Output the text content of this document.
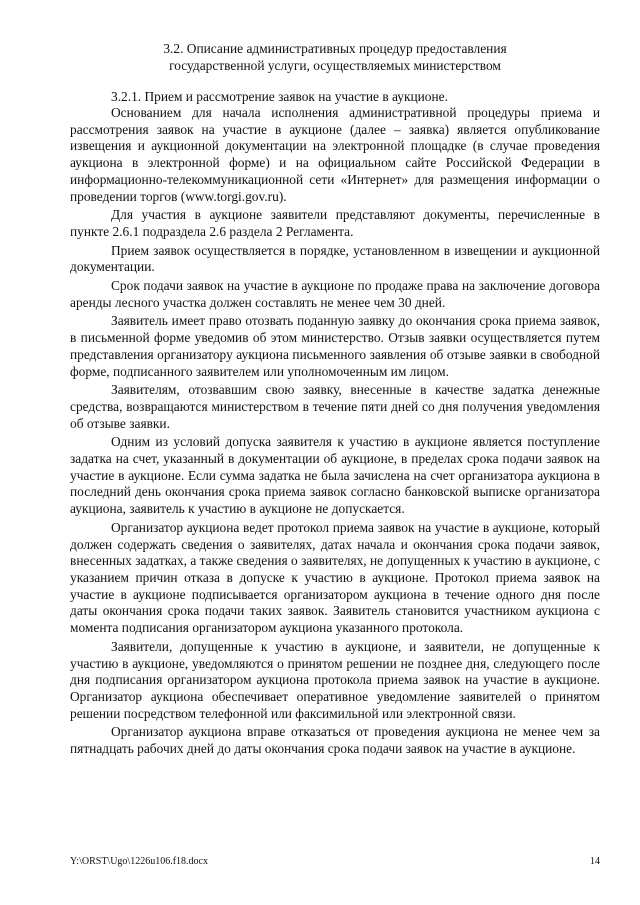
3.2. Описание административных процедур предоставления
государственной услуги, осуществляемых министерством
3.2.1. Прием и рассмотрение заявок на участие в аукционе.

Основанием для начала исполнения административной процедуры приема и рассмотрения заявок на участие в аукционе (далее – заявка) является опубликование извещения и аукционной документации на электронной площадке (в случае проведения аукциона в электронной форме) и на официальном сайте Российской Федерации в информационно-телекоммуникационной сети «Интернет» для размещения информации о проведении торгов (www.torgi.gov.ru).

Для участия в аукционе заявители представляют документы, перечисленные в пункте 2.6.1 подраздела 2.6 раздела 2 Регламента.

Прием заявок осуществляется в порядке, установленном в извещении и аукционной документации.

Срок подачи заявок на участие в аукционе по продаже права на заключение договора аренды лесного участка должен составлять не менее чем 30 дней.

Заявитель имеет право отозвать поданную заявку до окончания срока приема заявок, в письменной форме уведомив об этом министерство. Отзыв заявки осуществляется путем представления организатору аукциона письменного заявления об отзыве заявки в свободной форме, подписанного заявителем или уполномоченным им лицом.

Заявителям, отозвавшим свою заявку, внесенные в качестве задатка денежные средства, возвращаются министерством в течение пяти дней со дня получения уведомления об отзыве заявки.

Одним из условий допуска заявителя к участию в аукционе является поступление задатка на счет, указанный в документации об аукционе, в пределах срока подачи заявок на участие в аукционе. Если сумма задатка не была зачислена на счет организатора аукциона в последний день окончания срока приема заявок согласно банковской выписке организатора аукциона, заявитель к участию в аукционе не допускается.

Организатор аукциона ведет протокол приема заявок на участие в аукционе, который должен содержать сведения о заявителях, датах начала и окончания срока подачи заявок, внесенных задатках, а также сведения о заявителях, не допущенных к участию в аукционе, с указанием причин отказа в допуске к участию в аукционе. Протокол приема заявок на участие в аукционе подписывается организатором аукциона в течение одного дня после даты окончания срока подачи таких заявок. Заявитель становится участником аукциона с момента подписания организатором аукциона указанного протокола.

Заявители, допущенные к участию в аукционе, и заявители, не допущенные к участию в аукционе, уведомляются о принятом решении не позднее дня, следующего после дня подписания организатором аукциона протокола приема заявок на участие в аукционе. Организатор аукциона обеспечивает оперативное уведомление заявителей о принятом решении посредством телефонной или факсимильной или электронной связи.

Организатор аукциона вправе отказаться от проведения аукциона не менее чем за пятнадцать рабочих дней до даты окончания срока подачи заявок на участие в аукционе.

Y:\ORST\Ugo\1226u106.f18.docx	14
